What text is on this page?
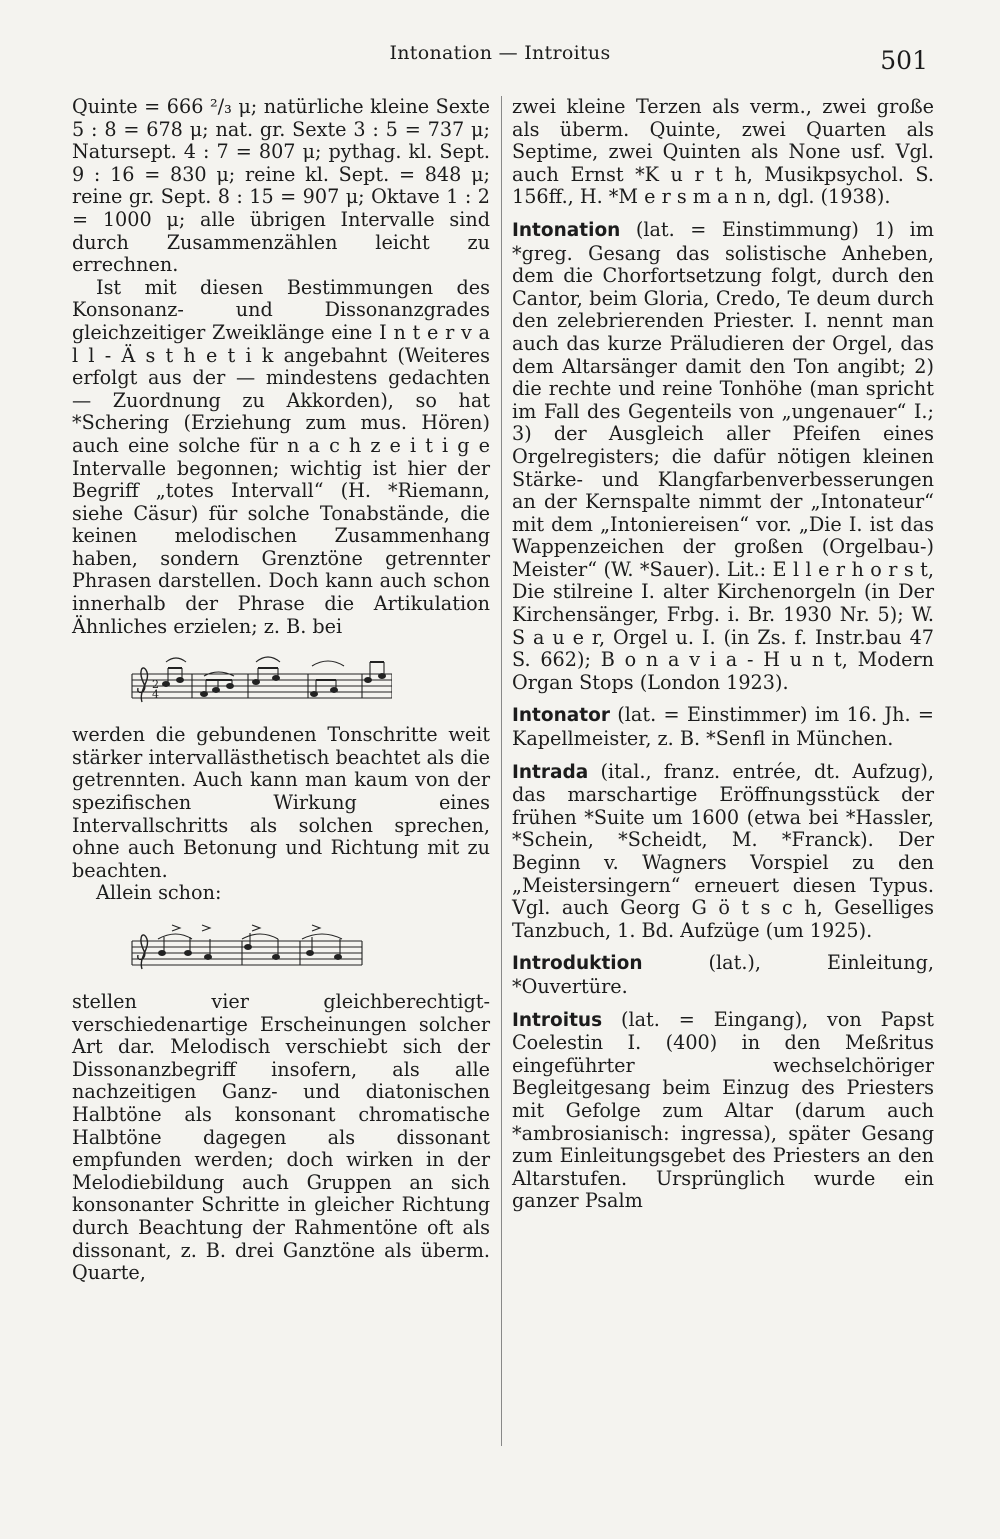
Intonation — Introitus	501

Quinte = 666 ²/₃ μ; natürliche kleine Sexte 5 : 8 = 678 μ; nat. gr. Sexte 3 : 5 = 737 μ; Natursept. 4 : 7 = 807 μ; pythag. kl. Sept. 9 : 16 = 830 μ; reine kl. Sept. = 848 μ; reine gr. Sept. 8 : 15 = 907 μ; Oktave 1 : 2 = 1000 μ; alle übrigen Intervalle sind durch Zusammenzählen leicht zu errechnen.

Ist mit diesen Bestimmungen des Konsonanz- und Dissonanzgrades gleichzeitiger Zweiklänge eine I n t e r v a l l - Ä s t h e t i k angebahnt (Weiteres erfolgt aus der — mindestens gedachten — Zuordnung zu Akkorden), so hat *Schering (Erziehung zum mus. Hören) auch eine solche für n a c h z e i t i g e Intervalle begonnen; wichtig ist hier der Begriff „totes Intervall“ (H. *Riemann, siehe Cäsur) für solche Tonabstände, die keinen melodischen Zusammenhang haben, sondern Grenztöne getrennter Phrasen darstellen. Doch kann auch schon innerhalb der Phrase die Artikulation Ähnliches erzielen; z. B. bei

2
4

werden die gebundenen Tonschritte weit stärker intervallästhetisch beachtet als die getrennten. Auch kann man kaum von der spezifischen Wirkung eines Intervallschritts als solchen sprechen, ohne auch Betonung und Richtung mit zu beachten.

Allein schon:

stellen vier gleichberechtigt-verschiedenartige Erscheinungen solcher Art dar. Melodisch verschiebt sich der Dissonanzbegriff insofern, als alle nachzeitigen Ganz- und diatonischen Halbtöne als konsonant chromatische Halbtöne dagegen als dissonant empfunden werden; doch wirken in der Melodiebildung auch Gruppen an sich konsonanter Schritte in gleicher Richtung durch Beachtung der Rahmentöne oft als dissonant, z. B. drei Ganztöne als überm. Quarte,

zwei kleine Terzen als verm., zwei große als überm. Quinte, zwei Quarten als Septime, zwei Quinten als None usf. Vgl. auch Ernst *K u r t h, Musikpsychol. S. 156ff., H. *M e r s m a n n, dgl. (1938).

Intonation (lat. = Einstimmung) 1) im *greg. Gesang das solistische Anheben, dem die Chorfortsetzung folgt, durch den Cantor, beim Gloria, Credo, Te deum durch den zelebrierenden Priester. I. nennt man auch das kurze Präludieren der Orgel, das dem Altarsänger damit den Ton angibt; 2) die rechte und reine Tonhöhe (man spricht im Fall des Gegenteils von „ungenauer“ I.; 3) der Ausgleich aller Pfeifen eines Orgelregisters; die dafür nötigen kleinen Stärke- und Klangfarbenverbesserungen an der Kernspalte nimmt der „Intonateur“ mit dem „Intoniereisen“ vor. „Die I. ist das Wappenzeichen der großen (Orgelbau-) Meister“ (W. *Sauer). Lit.: E l l e r h o r s t, Die stilreine I. alter Kirchenorgeln (in Der Kirchensänger, Frbg. i. Br. 1930 Nr. 5); W. S a u e r, Orgel u. I. (in Zs. f. Instr.bau 47 S. 662); B o n a v i a - H u n t, Modern Organ Stops (London 1923).

Intonator (lat. = Einstimmer) im 16. Jh. = Kapellmeister, z. B. *Senfl in München.

Intrada (ital., franz. entrée, dt. Aufzug), das marschartige Eröffnungsstück der frühen *Suite um 1600 (etwa bei *Hassler, *Schein, *Scheidt, M. *Franck). Der Beginn v. Wagners Vorspiel zu den „Meistersingern“ erneuert diesen Typus. Vgl. auch Georg G ö t s c h, Geselliges Tanzbuch, 1. Bd. Aufzüge (um 1925).

Introduktion (lat.), Einleitung, *Ouvertüre.

Introitus (lat. = Eingang), von Papst Coelestin I. (400) in den Meßritus eingeführter wechselchöriger Begleitgesang beim Einzug des Priesters mit Gefolge zum Altar (darum auch *ambrosianisch: ingressa), später Gesang zum Einleitungsgebet des Priesters an den Altarstufen. Ursprünglich wurde ein ganzer Psalm
